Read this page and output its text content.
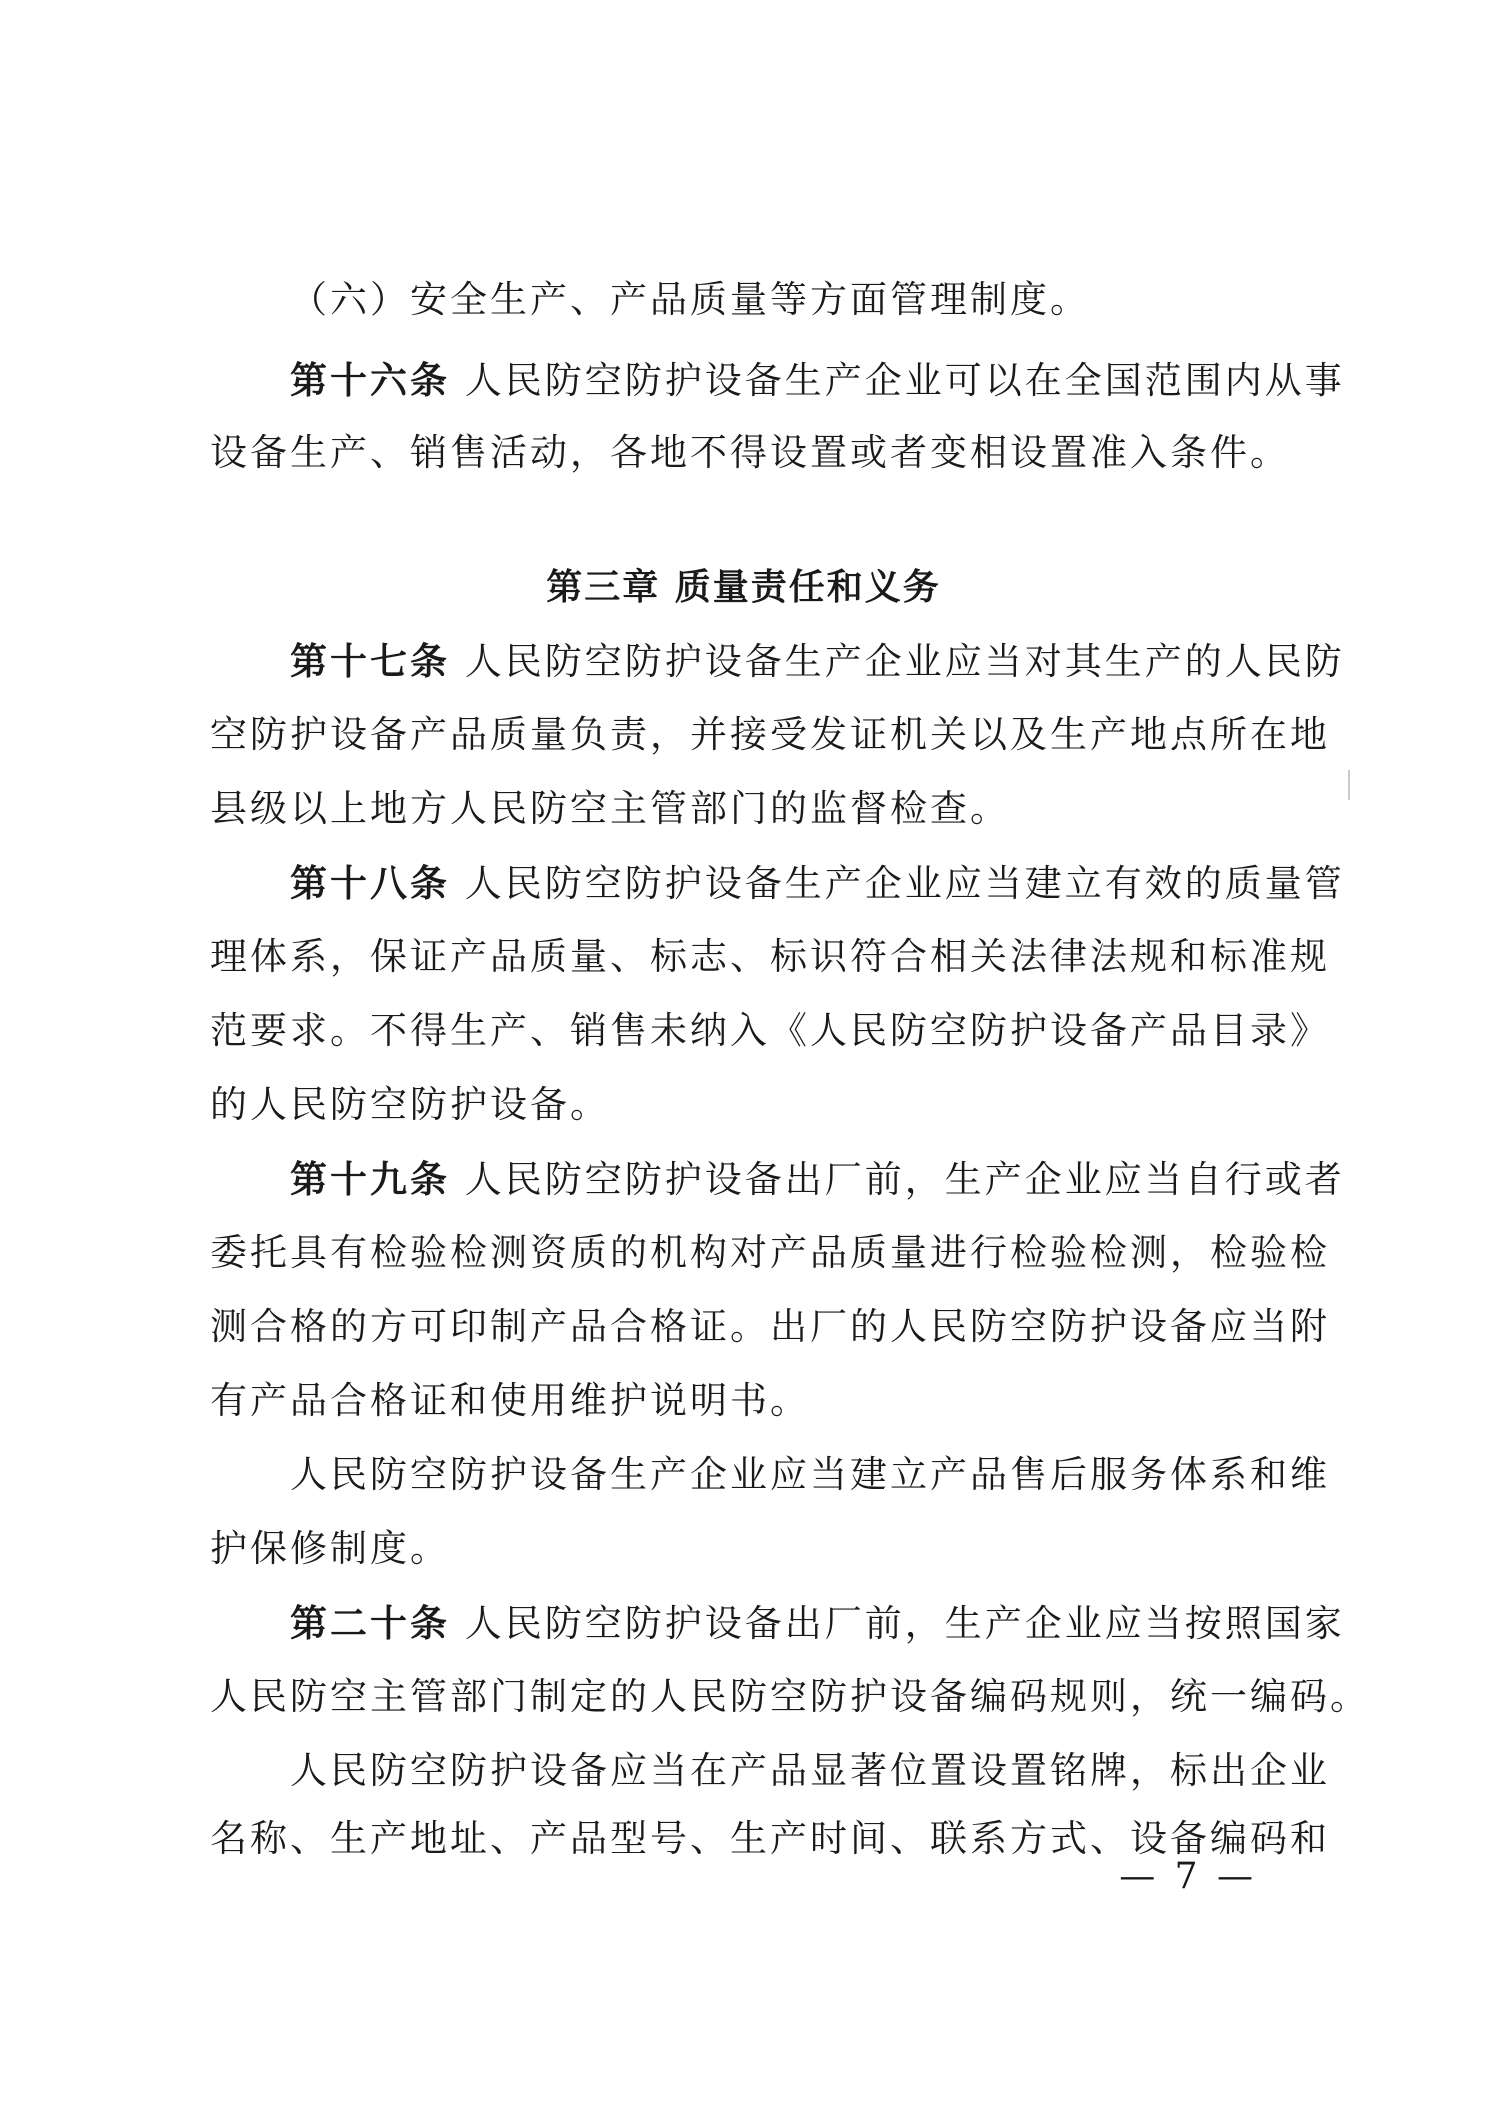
（六）安全生产、产品质量等方面管理制度。
第十六条 人民防空防护设备生产企业可以在全国范围内从事
设备生产、销售活动，各地不得设置或者变相设置准入条件。
第三章 质量责任和义务
第十七条 人民防空防护设备生产企业应当对其生产的人民防
空防护设备产品质量负责，并接受发证机关以及生产地点所在地
县级以上地方人民防空主管部门的监督检查。
第十八条 人民防空防护设备生产企业应当建立有效的质量管
理体系，保证产品质量、标志、标识符合相关法律法规和标准规
范要求。不得生产、销售未纳入《人民防空防护设备产品目录》
的人民防空防护设备。
第十九条 人民防空防护设备出厂前，生产企业应当自行或者
委托具有检验检测资质的机构对产品质量进行检验检测，检验检
测合格的方可印制产品合格证。出厂的人民防空防护设备应当附
有产品合格证和使用维护说明书。
人民防空防护设备生产企业应当建立产品售后服务体系和维
护保修制度。
第二十条 人民防空防护设备出厂前，生产企业应当按照国家
人民防空主管部门制定的人民防空防护设备编码规则，统一编码。
人民防空防护设备应当在产品显著位置设置铭牌，标出企业
名称、生产地址、产品型号、生产时间、联系方式、设备编码和
— 7 —
